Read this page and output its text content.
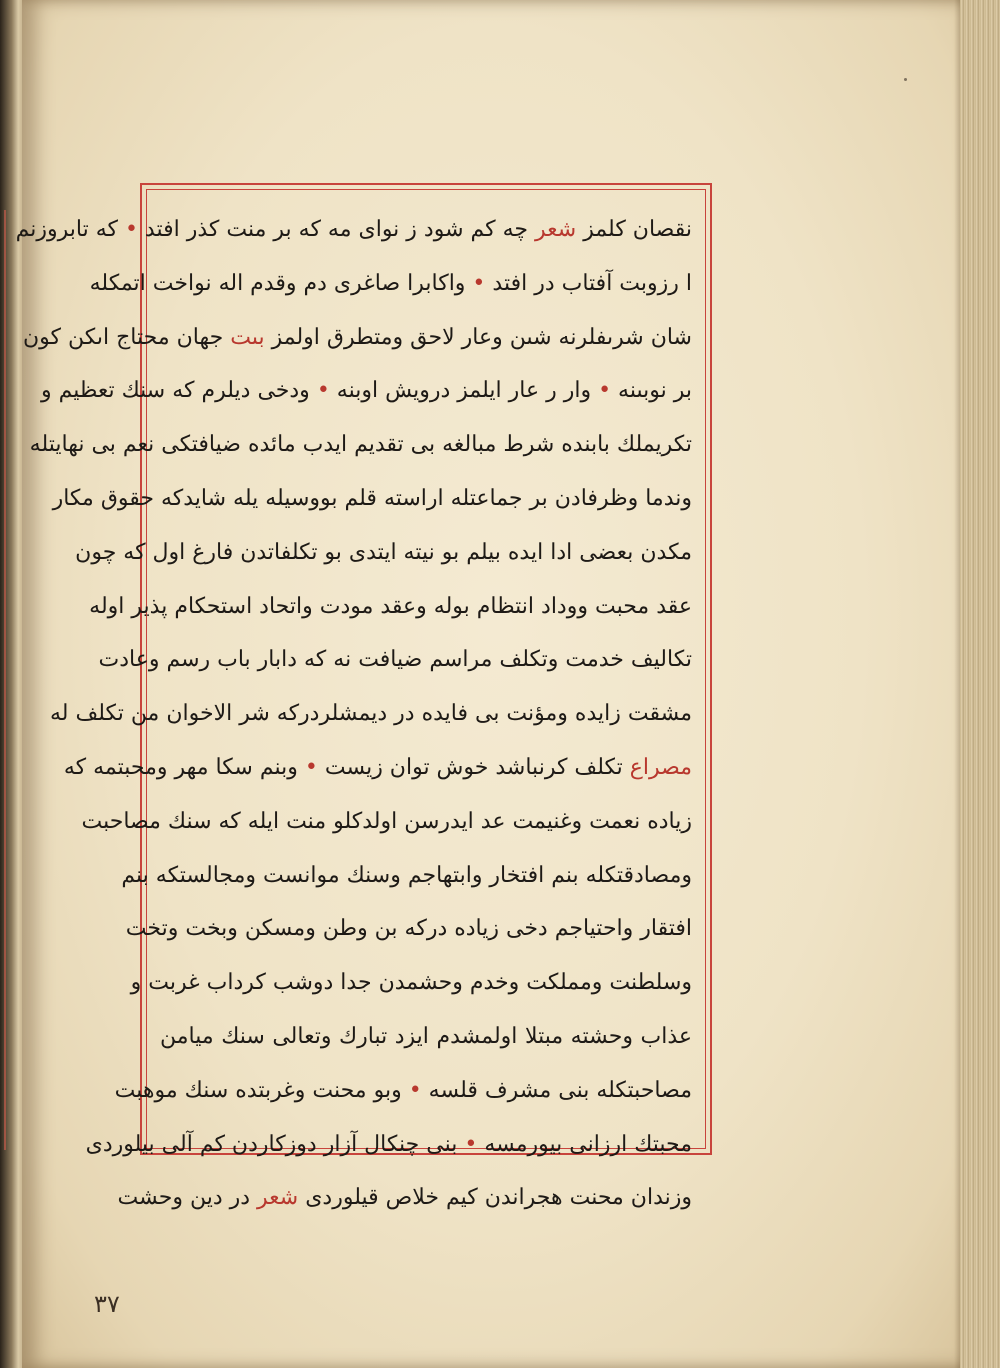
نقصان كلمز شعر چه كم شود ز نوای مه كه بر منت كذر افتد • كه تابروزنم
ا رزوبت آفتاب در افتد • واكابرا صاغرى دم وقدم اله نواخت اتمكله
شان شرىفلرنه شىن وعار لاحق ومتطرق اولمز بىت جهان محتاج اىكن كون
بر نوبىنه • وار ر عار ايلمز درويش اوبنه • ودخى ديلرم كه سنك تعظيم و
تكريملك بابنده شرط مبالغه بى تقديم ايدب مائده ضيافتكى نعم بى نهايتله
وندما وظرفادن بر جماعتله اراسته قلم بووسيله يله شايدكه حقوق مكار
مكدن بعضى ادا ايده بيلم بو نيته ايتدى بو تكلفاتدن فارغ اول كه چون
عقد محبت ووداد انتظام بوله وعقد مودت واتحاد استحكام پذير اوله
تكاليف خدمت وتكلف مراسم ضيافت نه كه دابار باب رسم وعادت
مشقت زايده ومؤنت بى فايده در ديمشلردركه شر الاخوان من تكلف له
مصراع تكلف كرنباشد خوش توان زيست • وبنم سكا مهر ومحبتمه كه
زياده نعمت وغنيمت عد ايدرسن اولدكلو منت ايله كه سنك مصاحبت
ومصادقتكله بنم افتخار وابتهاجم وسنك موانست ومجالستكه بنم
افتقار واحتياجم دخى زياده دركه بن وطن ومسكن وبخت وتخت
وسلطنت ومملكت وخدم وحشمدن جدا دوشب كرداب غربت و
عذاب وحشته مبتلا اولمشدم ايزد تبارك وتعالى سنك ميامن
مصاحبتكله بنى مشرف قلسه • وبو محنت وغربتده سنك موهبت
محبتك ارزانى بيورمسه • بنى چنكال آزار دوزكاردن كم آلى بيلوردى
وزندان محنت هجراندن كيم خلاص قيلوردى شعر در دين وحشت
٣٧
